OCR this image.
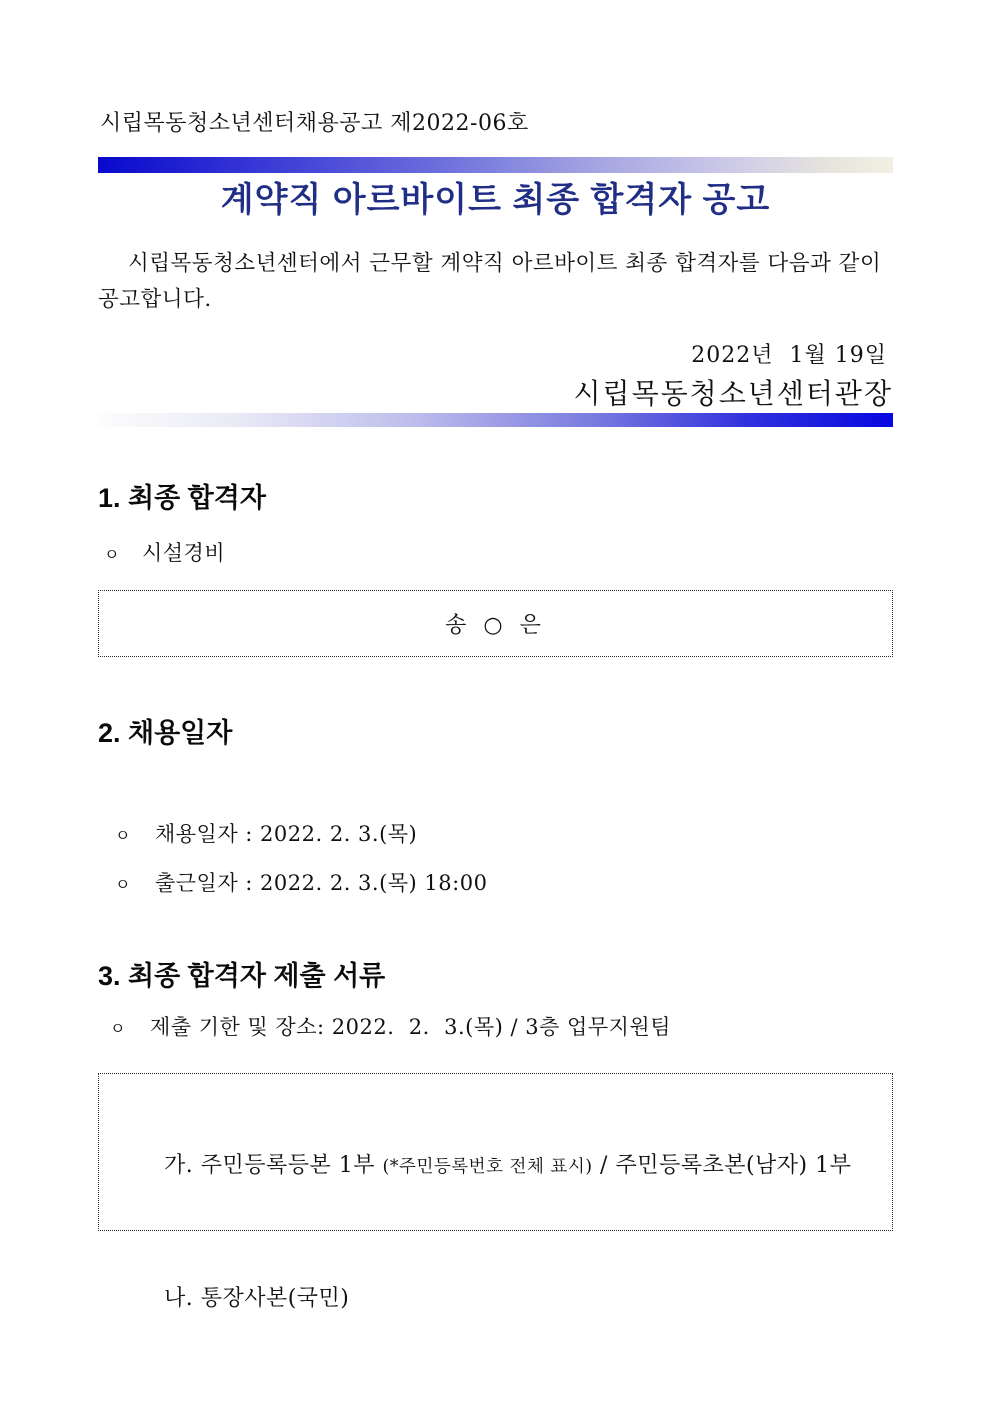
시립목동청소년센터채용공고 제2022-06호
계약직 아르바이트 최종 합격자 공고
시립목동청소년센터에서 근무할 계약직 아르바이트 최종 합격자를 다음과 같이 공고합니다.
2022년  1월 19일
시립목동청소년센터관장
1. 최종 합격자
ㅇ 시설경비
송 ○ 은
2. 채용일자
ㅇ 채용일자 : 2022. 2. 3.(목)
ㅇ 출근일자 : 2022. 2. 3.(목) 18:00
3. 최종 합격자 제출 서류
ㅇ 제출 기한 및 장소: 2022.  2.  3.(목) / 3층 업무지원팀

가. 주민등록등본 1부 (*주민등록번호 전체 표시) / 주민등록초본(남자) 1부

나. 통장사본(국민)
